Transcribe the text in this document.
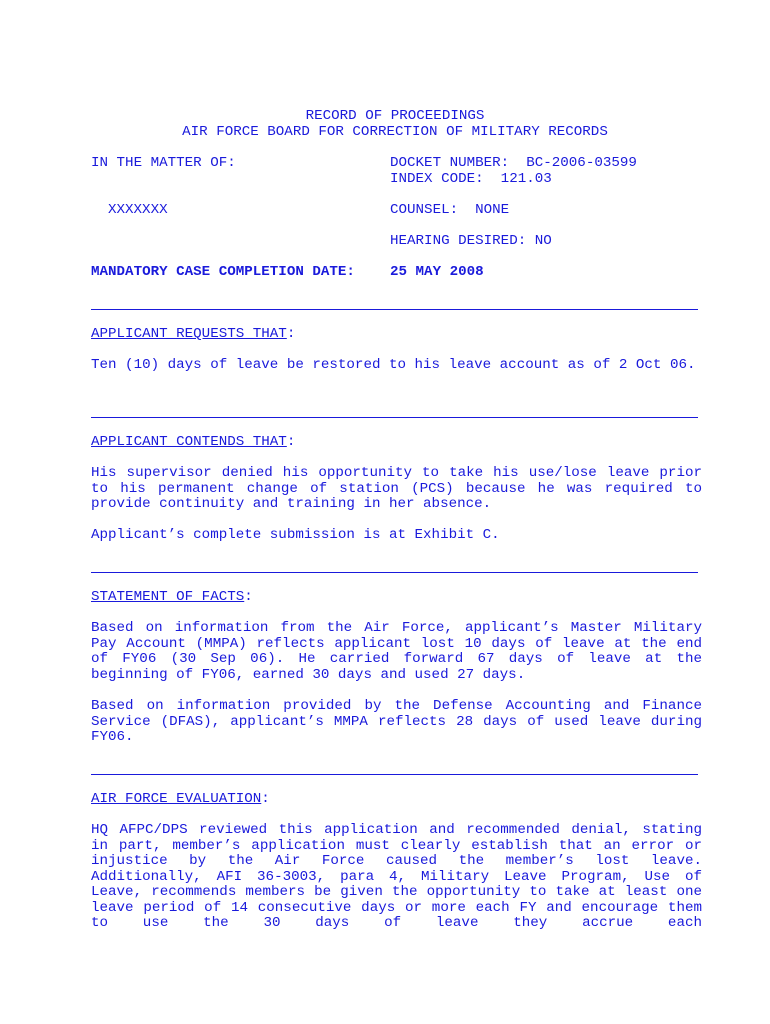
RECORD OF PROCEEDINGS
AIR FORCE BOARD FOR CORRECTION OF MILITARY RECORDS
IN THE MATTER OF:	DOCKET NUMBER:  BC-2006-03599
INDEX CODE:  121.03
XXXXXXX	COUNSEL:  NONE
HEARING DESIRED: NO
MANDATORY CASE COMPLETION DATE: 25 MAY 2008
APPLICANT REQUESTS THAT:
Ten (10) days of leave be restored to his leave account as of 2 Oct 06.
APPLICANT CONTENDS THAT:
His supervisor denied his opportunity to take his use/lose leave prior to his permanent change of station (PCS) because he was required to provide continuity and training in her absence.
Applicant’s complete submission is at Exhibit C.
STATEMENT OF FACTS:
Based on information from the Air Force, applicant’s Master Military Pay Account (MMPA) reflects applicant lost 10 days of leave at the end of FY06 (30 Sep 06). He carried forward 67 days of leave at the beginning of FY06, earned 30 days and used 27 days.
Based on information provided by the Defense Accounting and Finance Service (DFAS), applicant’s MMPA reflects 28 days of used leave during FY06.
AIR FORCE EVALUATION:
HQ AFPC/DPS reviewed this application and recommended denial, stating in part, member’s application must clearly establish that an error or injustice by the Air Force caused the member’s lost leave. Additionally, AFI 36-3003, para 4, Military Leave Program, Use of Leave, recommends members be given the opportunity to take at least one leave period of 14 consecutive days or more each FY and encourage them to use the 30 days of leave they accrue each
